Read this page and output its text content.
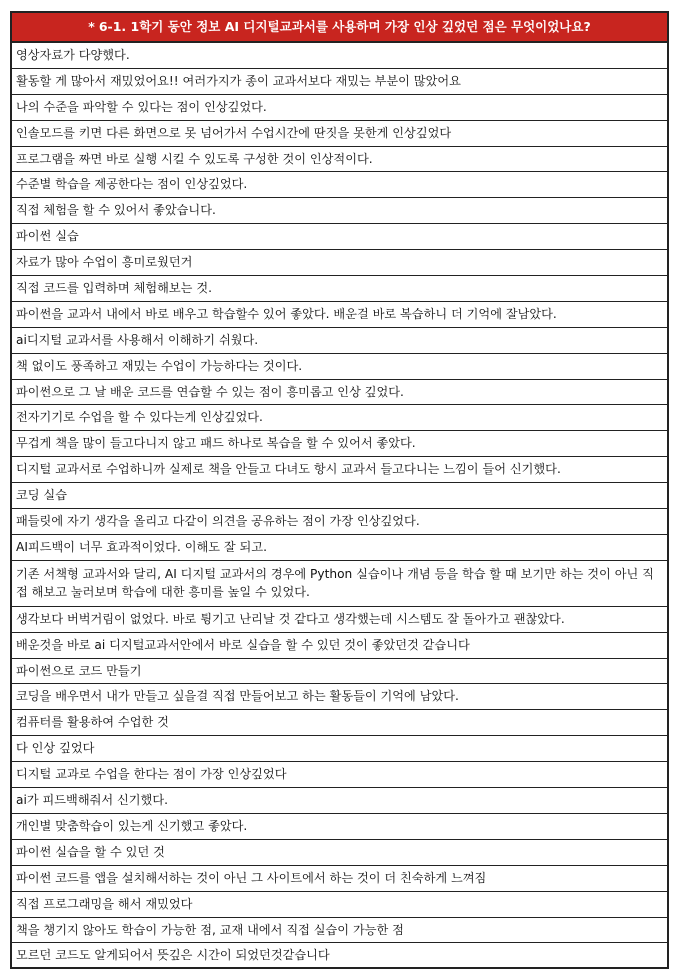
* 6-1. 1학기 동안 정보 AI 디지털교과서를 사용하며 가장 인상 깊었던 점은 무엇이었나요?
영상자료가 다양했다.
활동할 게 많아서 재밌었어요!! 여러가지가 종이 교과서보다 재밌는 부분이 많았어요
나의 수준을 파악할 수 있다는 점이 인상깊었다.
인솔모드를 키면 다른 화면으로 못 넘어가서 수업시간에 딴짓을 못한게 인상깊었다
프로그램을 짜면 바로 실행 시킬 수 있도록 구성한 것이 인상적이다.
수준별 학습을 제공한다는 점이 인상깊었다.
직접 체험을 할 수 있어서 좋았습니다.
파이썬 실습
자료가 많아 수업이 흥미로웠던거
직접 코드를 입력하며 체험해보는 것.
파이썬을 교과서 내에서 바로 배우고 학습할수 있어 좋았다. 배운걸 바로 복습하니 더 기억에 잘남았다.
ai디지털 교과서를 사용해서 이해하기 쉬웠다.
책 없이도 풍족하고 재밌는 수업이 가능하다는 것이다.
파이썬으로 그 날 배운 코드를 연습할 수 있는 점이 흥미롭고 인상 깊었다.
전자기기로 수업을 할 수 있다는게 인상깊었다.
무겁게 책을 많이 들고다니지 않고 패드 하나로 복습을 할 수 있어서 좋았다.
디지털 교과서로 수업하니까 실제로 책을 안들고 다녀도 항시 교과서 들고다니는 느낌이 들어 신기했다.
코딩 실습
패들릿에 자기 생각을 올리고 다같이 의견을 공유하는 점이 가장 인상깊었다.
AI피드백이 너무 효과적이었다. 이해도 잘 되고.
기존 서책형 교과서와 달리, AI 디지털 교과서의 경우에 Python 실습이나 개념 등을 학습 할 때 보기만 하는 것이 아닌 직접 해보고 눌러보며 학습에 대한 흥미를 높일 수 있었다.
생각보다 버벅거림이 없었다. 바로 튕기고 난리날 것 같다고 생각했는데 시스템도 잘 돌아가고 괜찮았다.
배운것을 바로 ai 디지털교과서안에서 바로 실습을 할 수 있던 것이 좋았던것 같습니다
파이썬으로 코드 만들기
코딩을 배우면서 내가 만들고 싶을걸 직접 만들어보고 하는 활동들이 기억에 남았다.
컴퓨터를 활용하여 수업한 것
다 인상 깊었다
디지털 교과로 수업을 한다는 점이 가장 인상깊었다
ai가 피드백해줘서 신기했다.
개인별 맞춤학습이 있는게 신기했고 좋았다.
파이썬 실습을 할 수 있던 것
파이썬 코드를 앱을 설치해서하는 것이 아닌 그 사이트에서 하는 것이 더 친숙하게 느껴짐
직접 프로그래밍을 해서 재밌었다
책을 챙기지 않아도 학습이 가능한 점, 교재 내에서 직접 실습이 가능한 점
모르던 코드도 알게되어서 뜻깊은 시간이 되었던것같습니다
